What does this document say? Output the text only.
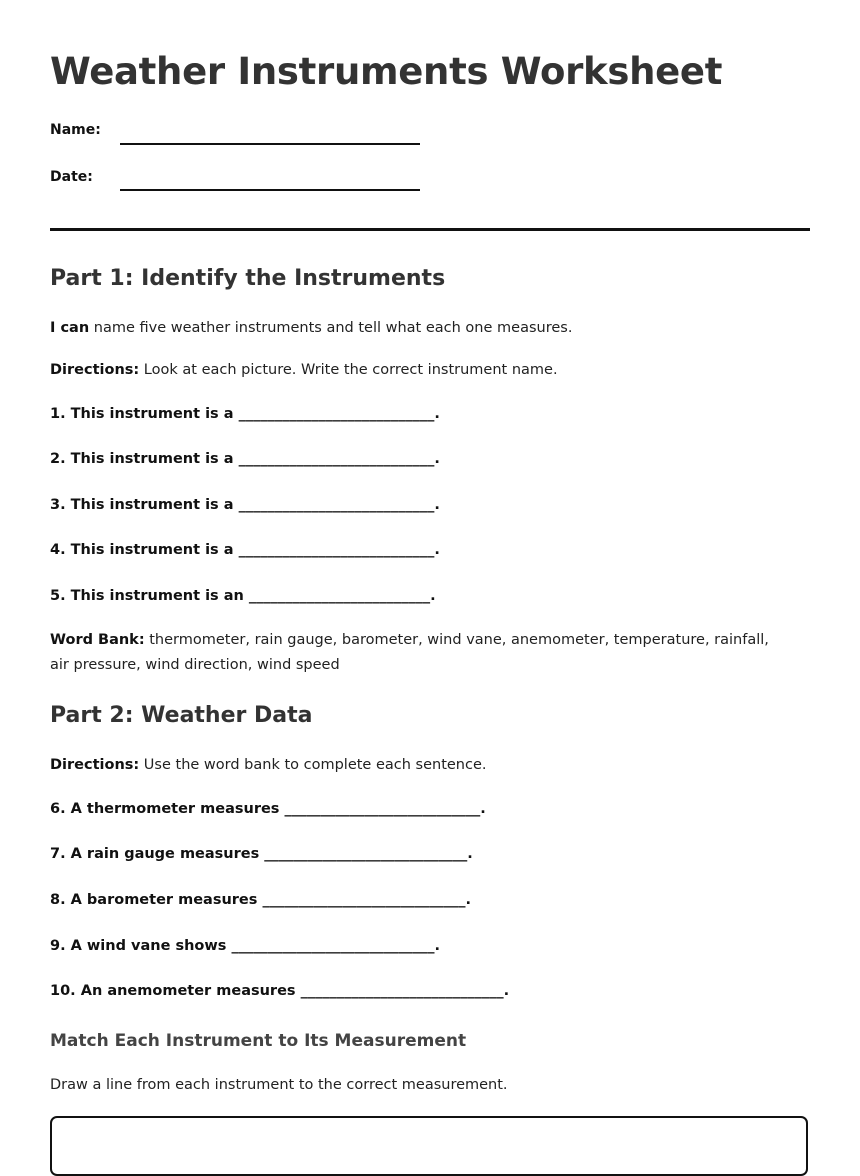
Weather Instruments Worksheet
Name:
Date:
Part 1: Identify the Instruments
I can name five weather instruments and tell what each one measures.
Directions: Look at each picture. Write the correct instrument name.
1. This instrument is a ___________________________.
2. This instrument is a ___________________________.
3. This instrument is a ___________________________.
4. This instrument is a ___________________________.
5. This instrument is an _________________________.
Word Bank: thermometer, rain gauge, barometer, wind vane, anemometer, temperature, rainfall, air pressure, wind direction, wind speed
Part 2: Weather Data
Directions: Use the word bank to complete each sentence.
6. A thermometer measures ___________________________.
7. A rain gauge measures ____________________________.
8. A barometer measures ____________________________.
9. A wind vane shows ____________________________.
10. An anemometer measures ____________________________.
Match Each Instrument to Its Measurement
Draw a line from each instrument to the correct measurement.
